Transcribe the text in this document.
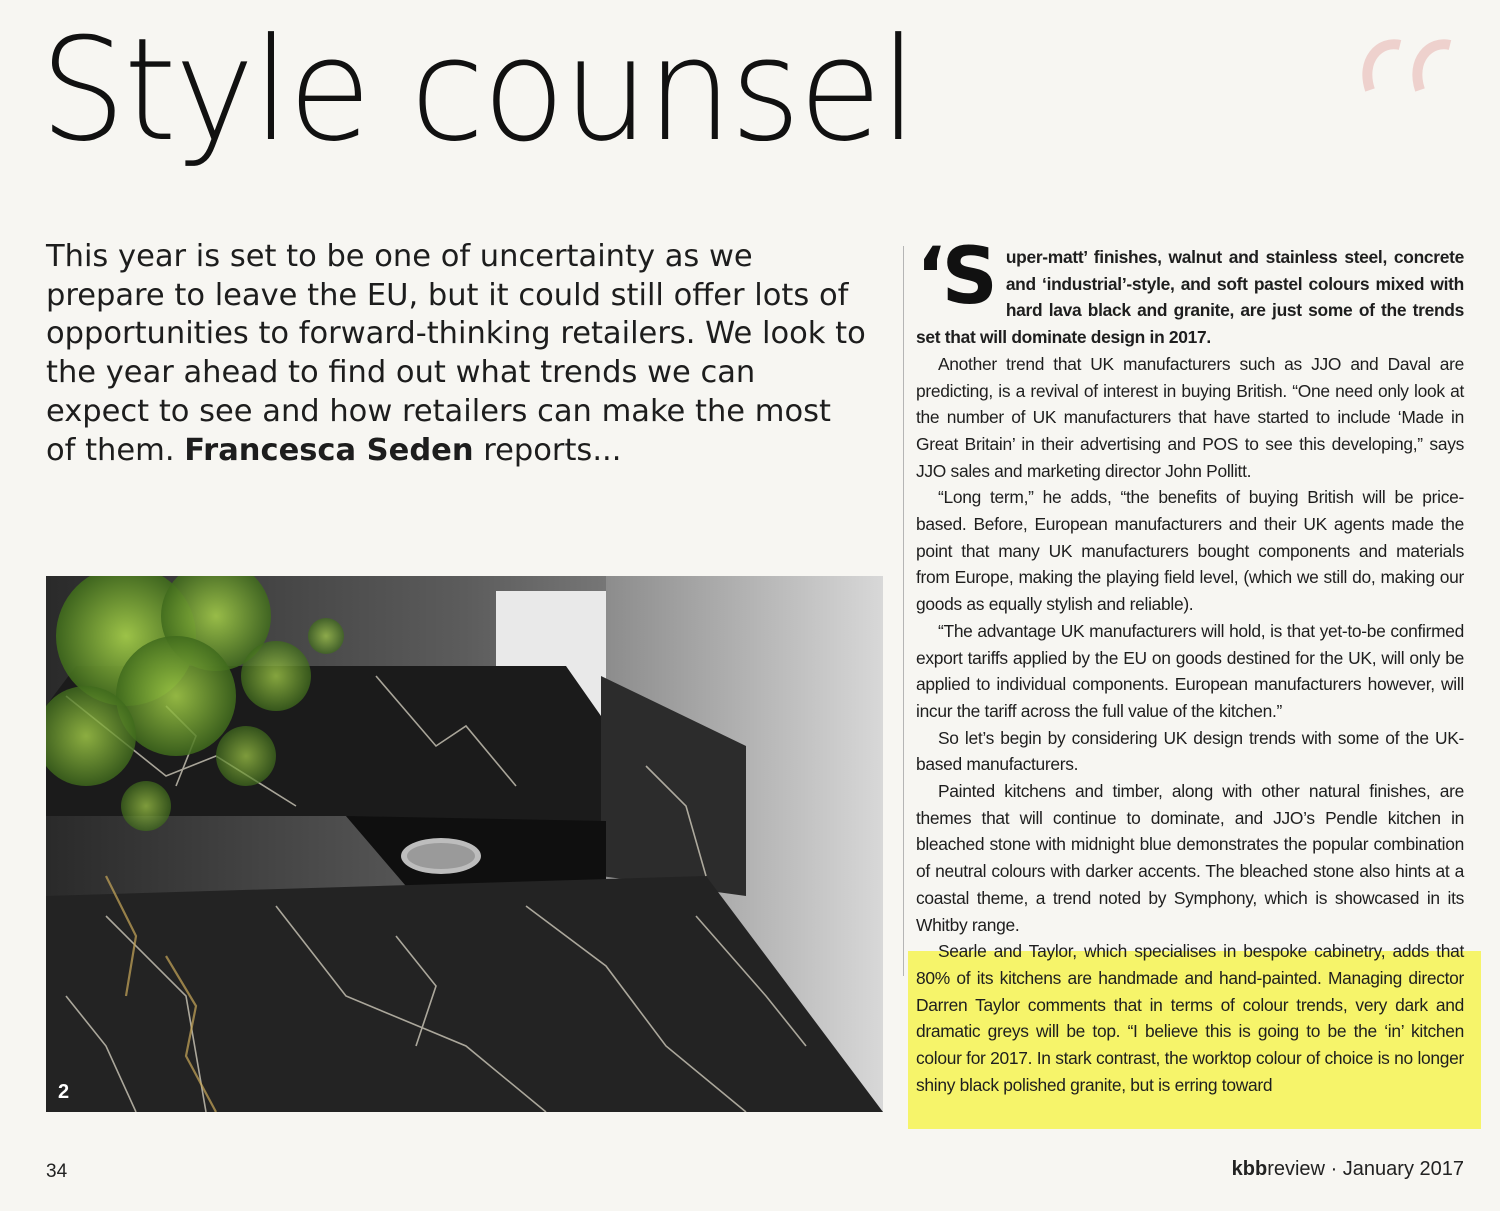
Style counsel

This year is set to be one of uncertainty as we prepare to leave the EU, but it could still offer lots of opportunities to forward-thinking retailers. We look to the year ahead to find out what trends we can expect to see and how retailers can make the most of them. Francesca Seden reports...

2

‘Super-matt’ finishes, walnut and stainless steel, concrete and ‘industrial’-style, and soft pastel colours mixed with hard lava black and granite, are just some of the trends set that will dominate design in 2017.

Another trend that UK manufacturers such as JJO and Daval are predicting, is a revival of interest in buying British. “One need only look at the number of UK manufacturers that have started to include ‘Made in Great Britain’ in their advertising and POS to see this developing,” says JJO sales and marketing director John Pollitt.

“Long term,” he adds, “the benefits of buying British will be price-based. Before, European manufacturers and their UK agents made the point that many UK manufacturers bought components and materials from Europe, making the playing field level, (which we still do, making our goods as equally stylish and reliable).

“The advantage UK manufacturers will hold, is that yet-to-be confirmed export tariffs applied by the EU on goods destined for the UK, will only be applied to individual components. European manufacturers however, will incur the tariff across the full value of the kitchen.”

So let’s begin by considering UK design trends with some of the UK-based manufacturers.

Painted kitchens and timber, along with other natural finishes, are themes that will continue to dominate, and JJO’s Pendle kitchen in bleached stone with midnight blue demonstrates the popular combination of neutral colours with darker accents. The bleached stone also hints at a coastal theme, a trend noted by Symphony, which is showcased in its Whitby range.

Searle and Taylor, which specialises in bespoke cabinetry, adds that 80% of its kitchens are handmade and hand-painted. Managing director Darren Taylor comments that in terms of colour trends, very dark and dramatic greys will be top. “I believe this is going to be the ‘in’ kitchen colour for 2017. In stark contrast, the worktop colour of choice is no longer shiny black polished granite, but is erring toward

34	kbbreview · January 2017
